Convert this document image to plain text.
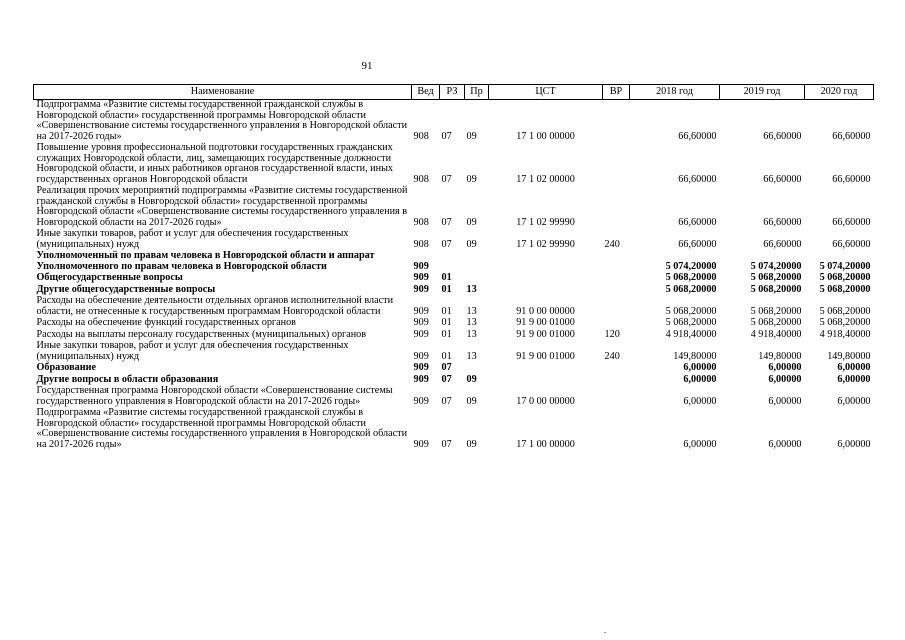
91
Наименование	Вед	РЗ	Пр	ЦСТ	ВР	2018 год	2019 год	2020 год
Подпрограмма «Развитие системы государственной гражданской службы в Новгородской области» государственной программы Новгородской области «Совершенствование системы государственного управления в Новгородской области на 2017-2026 годы»	908	07	09	17 1 00 00000		66,60000	66,60000	66,60000
Повышение уровня профессиональной подготовки государственных гражданских служащих Новгородской области, лиц, замещающих государственные должности Новгородской области, и иных работников органов государственной власти, иных государственных органов Новгородской области	908	07	09	17 1 02 00000		66,60000	66,60000	66,60000
Реализация прочих мероприятий подпрограммы «Развитие системы государственной гражданской службы в Новгородской области» государственной программы Новгородской области «Совершенствование системы государственного управления в Новгородской области на 2017-2026 годы»	908	07	09	17 1 02 99990		66,60000	66,60000	66,60000
Иные закупки товаров, работ и услуг для обеспечения государственных (муниципальных) нужд	908	07	09	17 1 02 99990	240	66,60000	66,60000	66,60000
Уполномоченный по правам человека в Новгородской области и аппарат Уполномоченного по правам человека в Новгородской области	909					5 074,20000	5 074,20000	5 074,20000
Общегосударственные вопросы	909	01				5 068,20000	5 068,20000	5 068,20000
Другие общегосударственные вопросы	909	01	13			5 068,20000	5 068,20000	5 068,20000
Расходы на обеспечение деятельности отдельных органов исполнительной власти области, не отнесенные к государственным программам Новгородской области	909	01	13	91 0 00 00000		5 068,20000	5 068,20000	5 068,20000
Расходы на обеспечение функций государственных органов	909	01	13	91 9 00 01000		5 068,20000	5 068,20000	5 068,20000
Расходы на выплаты персоналу государственных (муниципальных) органов	909	01	13	91 9 00 01000	120	4 918,40000	4 918,40000	4 918,40000
Иные закупки товаров, работ и услуг для обеспечения государственных (муниципальных) нужд	909	01	13	91 9 00 01000	240	149,80000	149,80000	149,80000
Образование	909	07				6,00000	6,00000	6,00000
Другие вопросы в области образования	909	07	09			6,00000	6,00000	6,00000
Государственная программа Новгородской области «Совершенствование системы государственного управления в Новгородской области на 2017-2026 годы»	909	07	09	17 0 00 00000		6,00000	6,00000	6,00000
Подпрограмма «Развитие системы государственной гражданской службы в Новгородской области» государственной программы Новгородской области «Совершенствование системы государственного управления в Новгородской области на 2017-2026 годы»	909	07	09	17 1 00 00000		6,00000	6,00000	6,00000
